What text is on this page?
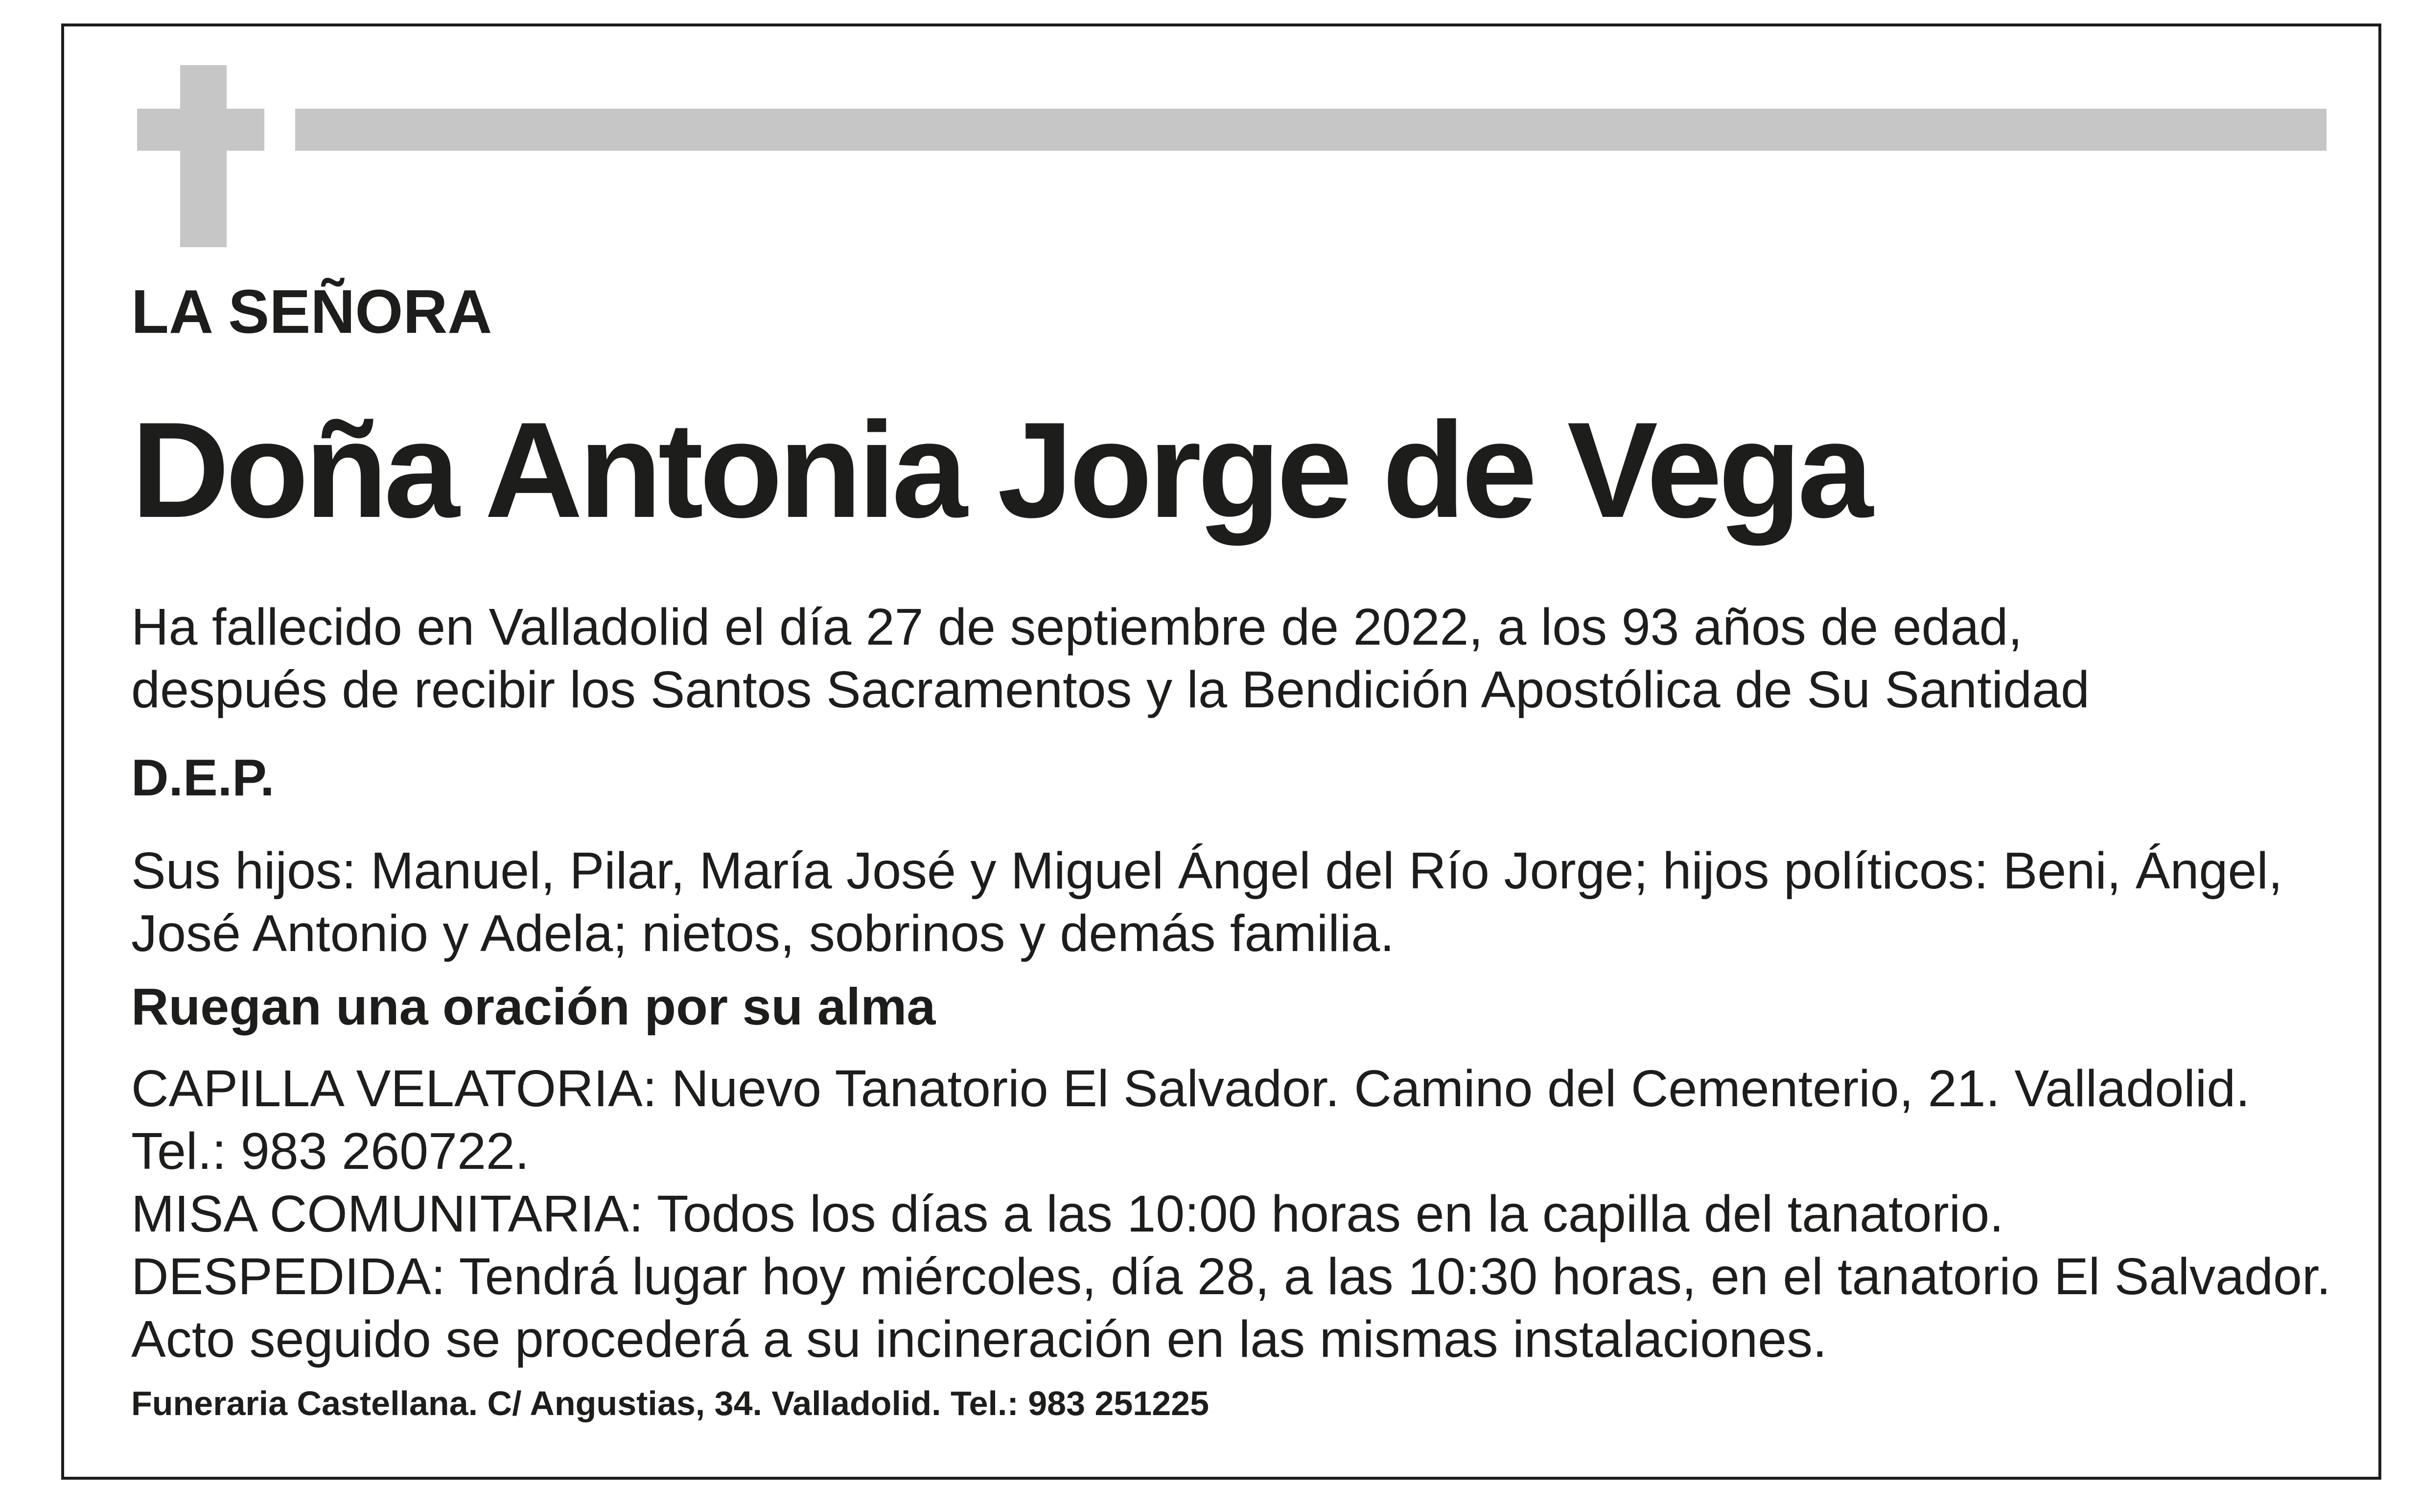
LA SEÑORA
Doña Antonia Jorge de Vega
Ha fallecido en Valladolid el día 27 de septiembre de 2022, a los 93 años de edad,
después de recibir los Santos Sacramentos y la Bendición Apostólica de Su Santidad
D.E.P.
Sus hijos: Manuel, Pilar, María José y Miguel Ángel del Río Jorge; hijos políticos: Beni, Ángel,
José Antonio y Adela; nietos, sobrinos y demás familia.
Ruegan una oración por su alma
CAPILLA VELATORIA: Nuevo Tanatorio El Salvador. Camino del Cementerio, 21. Valladolid.
Tel.: 983 260722.
MISA COMUNITARIA: Todos los días a las 10:00 horas en la capilla del tanatorio.
DESPEDIDA: Tendrá lugar hoy miércoles, día 28, a las 10:30 horas, en el tanatorio El Salvador.
Acto seguido se procederá a su incineración en las mismas instalaciones.
Funeraria Castellana. C/ Angustias, 34. Valladolid. Tel.: 983 251225
